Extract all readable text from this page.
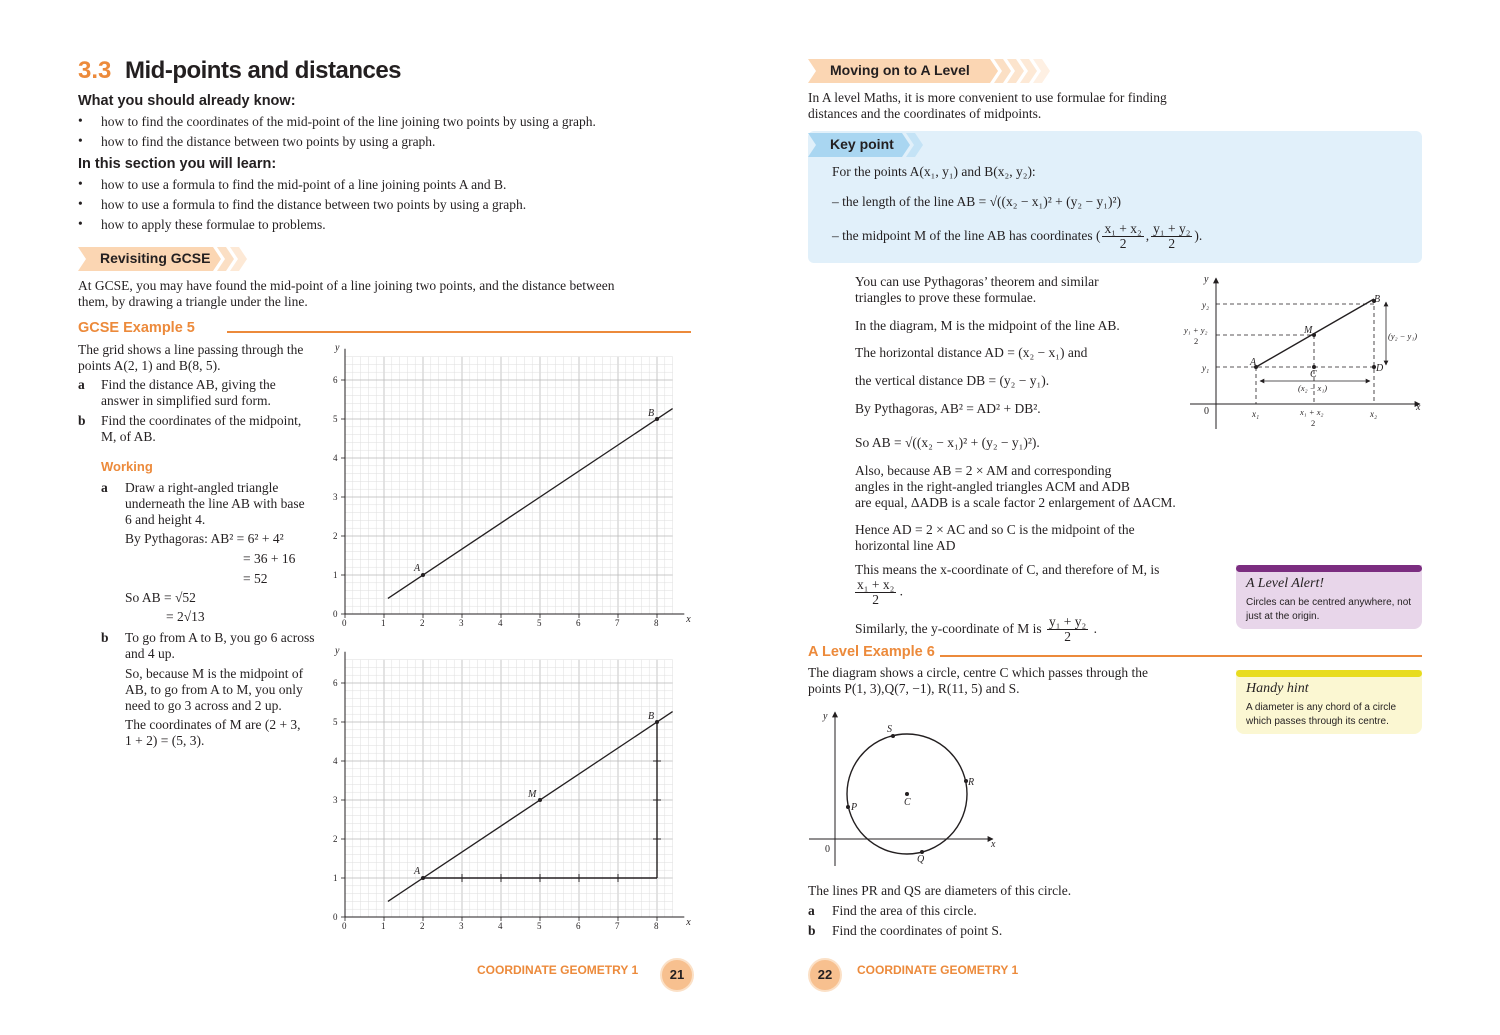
3.3 Mid-points and distances
What you should already know:
• how to find the coordinates of the mid-point of the line joining two points by using a graph.
• how to find the distance between two points by using a graph.
In this section you will learn:
• how to use a formula to find the mid-point of a line joining points A and B.
• how to use a formula to find the distance between two points by using a graph.
• how to apply these formulae to problems.
Revisiting GCSE
At GCSE, you may have found the mid-point of a line joining two points, and the distance between
them, by drawing a triangle under the line.
GCSE Example 5
The grid shows a line passing through the
points A(2, 1) and B(8, 5).
a Find the distance AB, giving the
answer in simplified surd form.
b Find the coordinates of the midpoint,
M, of AB.
Working
a Draw a right-angled triangle
underneath the line AB with base
6 and height 4.
By Pythagoras: AB² = 6² + 4²
= 36 + 16
= 52
So AB = √52
= 2√13
b To go from A to B, you go 6 across
and 4 up.
So, because M is the midpoint of
AB, to go from A to M, you only
need to go 3 across and 2 up.
The coordinates of M are (2 + 3,
1 + 2) = (5, 3).
0	1	2	3	4	5	6	7	8
0
1
2
3
4
5
6
x
y
A
B
0	1	2	3	4	5	6	7	8
0
1
2
3
4
5
6
x
y
A
B
M
COORDINATE GEOMETRY 1	21
Moving on to A Level
In A level Maths, it is more convenient to use formulae for finding
distances and the coordinates of midpoints.
Key point
For the points A(x₁, y₁) and B(x₂, y₂):
– the length of the line AB = √((x₂ − x₁)² + (y₂ − y₁)²)
– the midpoint M of the line AB has coordinates ( $\frac{\text{x₁ + x₂}}{2}$ , $\frac{\text{y₁ + y₂}}{2}$ ).
You can use Pythagoras’ theorem and similar
triangles to prove these formulae.
In the diagram, M is the midpoint of the line AB.
The horizontal distance AD = (x₂ − x₁) and
the vertical distance DB = (y₂ − y₁).
By Pythagoras, AB² = AD² + DB².
So AB = √((x₂ − x₁)² + (y₂ − y₁)²).
Also, because AB = 2 × AM and corresponding
angles in the right-angled triangles ACM and ADB
are equal, ΔADB is a scale factor 2 enlargement of ΔACM.
Hence AD = 2 × AC and so C is the midpoint of the
horizontal line AD
This means the x-coordinate of C, and therefore of M, is
$\frac{\text{x₁ + x₂}}{2}$ .
Similarly, the y-coordinate of M is $\frac{\text{y₁ + y₂}}{2}$ .
y
x
0
y₂
y₁
y₁ + y₂
2
x₁	x₂
x₁ + x₂
2
A
B
M
C
D
(x₂ − x₁)
(y₂ − y₁)
A Level Alert!
Circles can be centred anywhere, not just at the origin.
A Level Example 6
The diagram shows a circle, centre C which passes through the
points P(1, 3),Q(7, −1), R(11, 5) and S.	Handy hint
A diameter is any chord of a circle which passes through its centre.
y
x
0
S
R
P
Q
C
The lines PR and QS are diameters of this circle.
a Find the area of this circle.
b Find the coordinates of point S.
22	COORDINATE GEOMETRY 1
